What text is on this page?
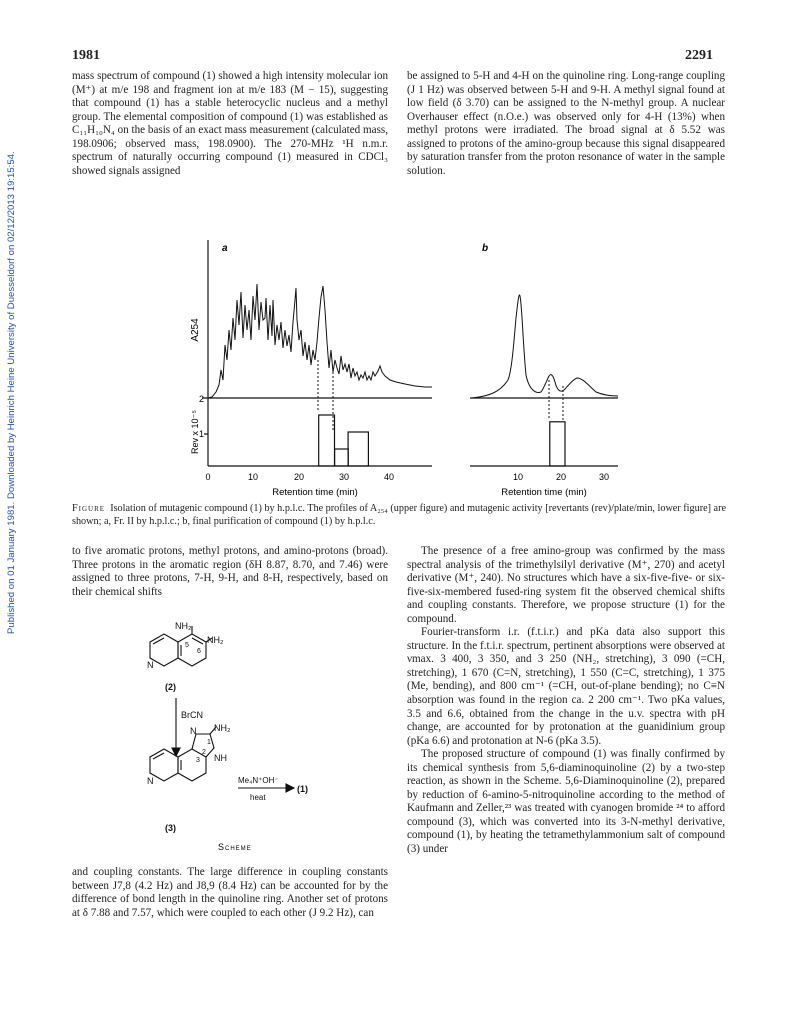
1981	2291
Published on 01 January 1981. Downloaded by Heinrich Heine University of Duesseldorf on 02/12/2013 19:15:54.

mass spectrum of compound (1) showed a high intensity molecular ion (M⁺) at m/e 198 and fragment ion at m/e 183 (M − 15), suggesting that compound (1) has a stable heterocyclic nucleus and a methyl group. The elemental composition of compound (1) was established as C₁₁H₁₀N₄ on the basis of an exact mass measurement (calculated mass, 198.0906; observed mass, 198.0900). The 270-MHz ¹H n.m.r. spectrum of naturally occurring compound (1) measured in CDCl₃ showed signals assigned

be assigned to 5-H and 4-H on the quinoline ring. Long-range coupling (J 1 Hz) was observed between 5-H and 9-H. A methyl signal found at low field (δ 3.70) can be assigned to the N-methyl group. A nuclear Overhauser effect (n.O.e.) was observed only for 4-H (13%) when methyl protons were irradiated. The broad signal at δ 5.52 was assigned to protons of the amino-group because this signal disappeared by saturation transfer from the proton resonance of water in the sample solution.

a	b
A254
Rev x 10⁻⁵
2
1
0	10	20	30	40	10	20	30
Retention time (min)	Retention time (min)
Figure Isolation of mutagenic compound (1) by h.p.l.c. The profiles of A₂₅₄ (upper figure) and mutagenic activity [revertants (rev)/plate/min, lower figure] are shown; a, Fr. II by h.p.l.c.; b, final purification of compound (1) by h.p.l.c.

to five aromatic protons, methyl protons, and amino-protons (broad). Three protons in the aromatic region (δH 8.87, 8.70, and 7.46) were assigned to three protons, 7-H, 9-H, and 8-H, respectively, based on their chemical shifts

NH₂
NH₂
5
6
N
(2)
BrCN
N NH₂
1
2
3 NH
N	Me₄N⁺OH⁻
heat
(1)
(3)
Scheme

and coupling constants. The large difference in coupling constants between J7,8 (4.2 Hz) and J8,9 (8.4 Hz) can be accounted for by the difference of bond length in the quinoline ring. Another set of protons at δ 7.88 and 7.57, which were coupled to each other (J 9.2 Hz), can

The presence of a free amino-group was confirmed by the mass spectral analysis of the trimethylsilyl derivative (M⁺, 270) and acetyl derivative (M⁺, 240). No structures which have a six-five-five- or six-five-six-membered fused-ring system fit the observed chemical shifts and coupling constants. Therefore, we propose structure (1) for the compound.

Fourier-transform i.r. (f.t.i.r.) and pKa data also support this structure. In the f.t.i.r. spectrum, pertinent absorptions were observed at νmax. 3 400, 3 350, and 3 250 (NH₂, stretching), 3 090 (=CH, stretching), 1 670 (C=N, stretching), 1 550 (C=C, stretching), 1 375 (Me, bending), and 800 cm⁻¹ (=CH, out-of-plane bending); no C≡N absorption was found in the region ca. 2 200 cm⁻¹. Two pKa values, 3.5 and 6.6, obtained from the change in the u.v. spectra with pH change, are accounted for by protonation at the guanidinium group (pKa 6.6) and protonation at N-6 (pKa 3.5).

The proposed structure of compound (1) was finally confirmed by its chemical synthesis from 5,6-diaminoquinoline (2) by a two-step reaction, as shown in the Scheme. 5,6-Diaminoquinoline (2), prepared by reduction of 6-amino-5-nitroquinoline according to the method of Kaufmann and Zeller,²³ was treated with cyanogen bromide ²⁴ to afford compound (3), which was converted into its 3-N-methyl derivative, compound (1), by heating the tetramethylammonium salt of compound (3) under
